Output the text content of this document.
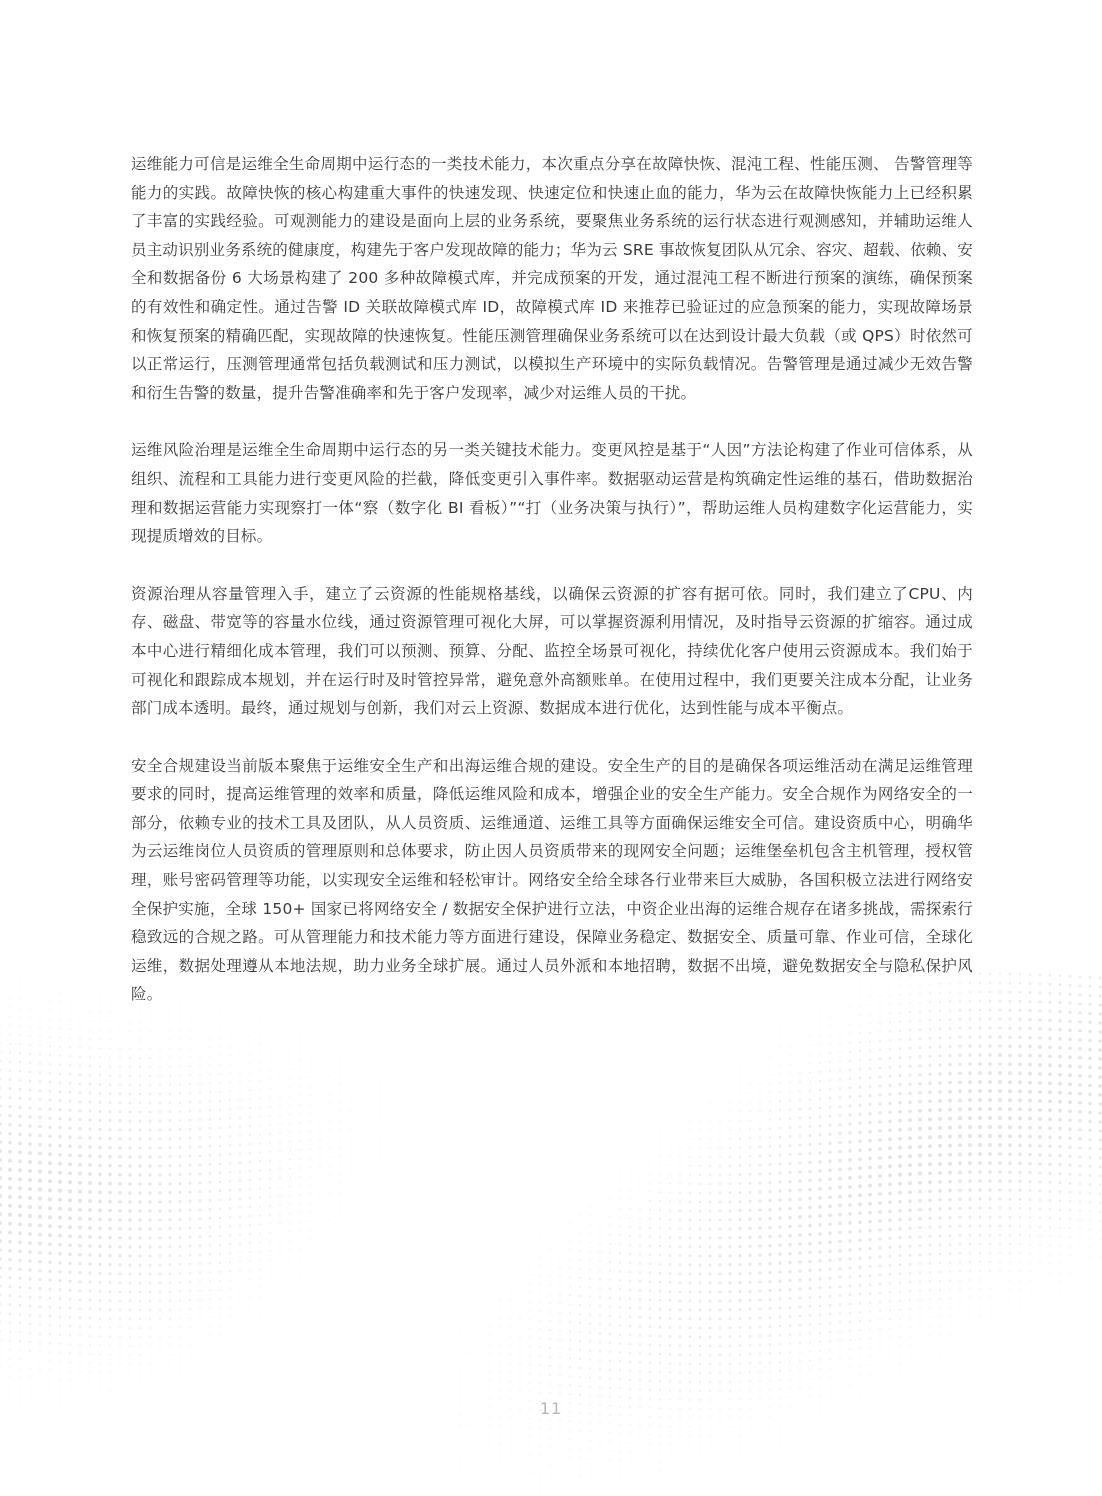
运维能力可信是运维全生命周期中运行态的一类技术能力，本次重点分享在故障快恢、混沌工程、性能压测、 告警管理等能力的实践。故障快恢的核心构建重大事件的快速发现、快速定位和快速止血的能力，华为云在故障快恢能力上已经积累了丰富的实践经验。可观测能力的建设是面向上层的业务系统，要聚焦业务系统的运行状态进行观测感知，并辅助运维人员主动识别业务系统的健康度，构建先于客户发现故障的能力；华为云 SRE 事故恢复团队从冗余、容灾、超载、依赖、安全和数据备份 6 大场景构建了 200 多种故障模式库，并完成预案的开发，通过混沌工程不断进行预案的演练，确保预案的有效性和确定性。通过告警 ID 关联故障模式库 ID，故障模式库 ID 来推荐已验证过的应急预案的能力，实现故障场景和恢复预案的精确匹配，实现故障的快速恢复。性能压测管理确保业务系统可以在达到设计最大负载（或 QPS）时依然可以正常运行，压测管理通常包括负载测试和压力测试，以模拟生产环境中的实际负载情况。告警管理是通过减少无效告警和衍生告警的数量，提升告警准确率和先于客户发现率，减少对运维人员的干扰。

运维风险治理是运维全生命周期中运行态的另一类关键技术能力。变更风控是基于“人因”方法论构建了作业可信体系，从组织、流程和工具能力进行变更风险的拦截，降低变更引入事件率。数据驱动运营是构筑确定性运维的基石，借助数据治理和数据运营能力实现察打一体“察（数字化 BI 看板）”“打（业务决策与执行）”，帮助运维人员构建数字化运营能力，实现提质增效的目标。

资源治理从容量管理入手，建立了云资源的性能规格基线，以确保云资源的扩容有据可依。同时，我们建立了CPU、内存、磁盘、带宽等的容量水位线，通过资源管理可视化大屏，可以掌握资源利用情况，及时指导云资源的扩缩容。通过成本中心进行精细化成本管理，我们可以预测、预算、分配、监控全场景可视化，持续优化客户使用云资源成本。我们始于可视化和跟踪成本规划，并在运行时及时管控异常，避免意外高额账单。在使用过程中，我们更要关注成本分配，让业务部门成本透明。最终，通过规划与创新，我们对云上资源、数据成本进行优化，达到性能与成本平衡点。

安全合规建设当前版本聚焦于运维安全生产和出海运维合规的建设。安全生产的目的是确保各项运维活动在满足运维管理要求的同时，提高运维管理的效率和质量，降低运维风险和成本，增强企业的安全生产能力。安全合规作为网络安全的一部分，依赖专业的技术工具及团队，从人员资质、运维通道、运维工具等方面确保运维安全可信。建设资质中心，明确华为云运维岗位人员资质的管理原则和总体要求，防止因人员资质带来的现网安全问题；运维堡垒机包含主机管理，授权管理，账号密码管理等功能，以实现安全运维和轻松审计。网络安全给全球各行业带来巨大威胁，各国积极立法进行网络安全保护实施，全球 150+ 国家已将网络安全 / 数据安全保护进行立法，中资企业出海的运维合规存在诸多挑战，需探索行稳致远的合规之路。可从管理能力和技术能力等方面进行建设，保障业务稳定、数据安全、质量可靠、作业可信，全球化运维，数据处理遵从本地法规，助力业务全球扩展。通过人员外派和本地招聘，数据不出境，避免数据安全与隐私保护风险。

11
